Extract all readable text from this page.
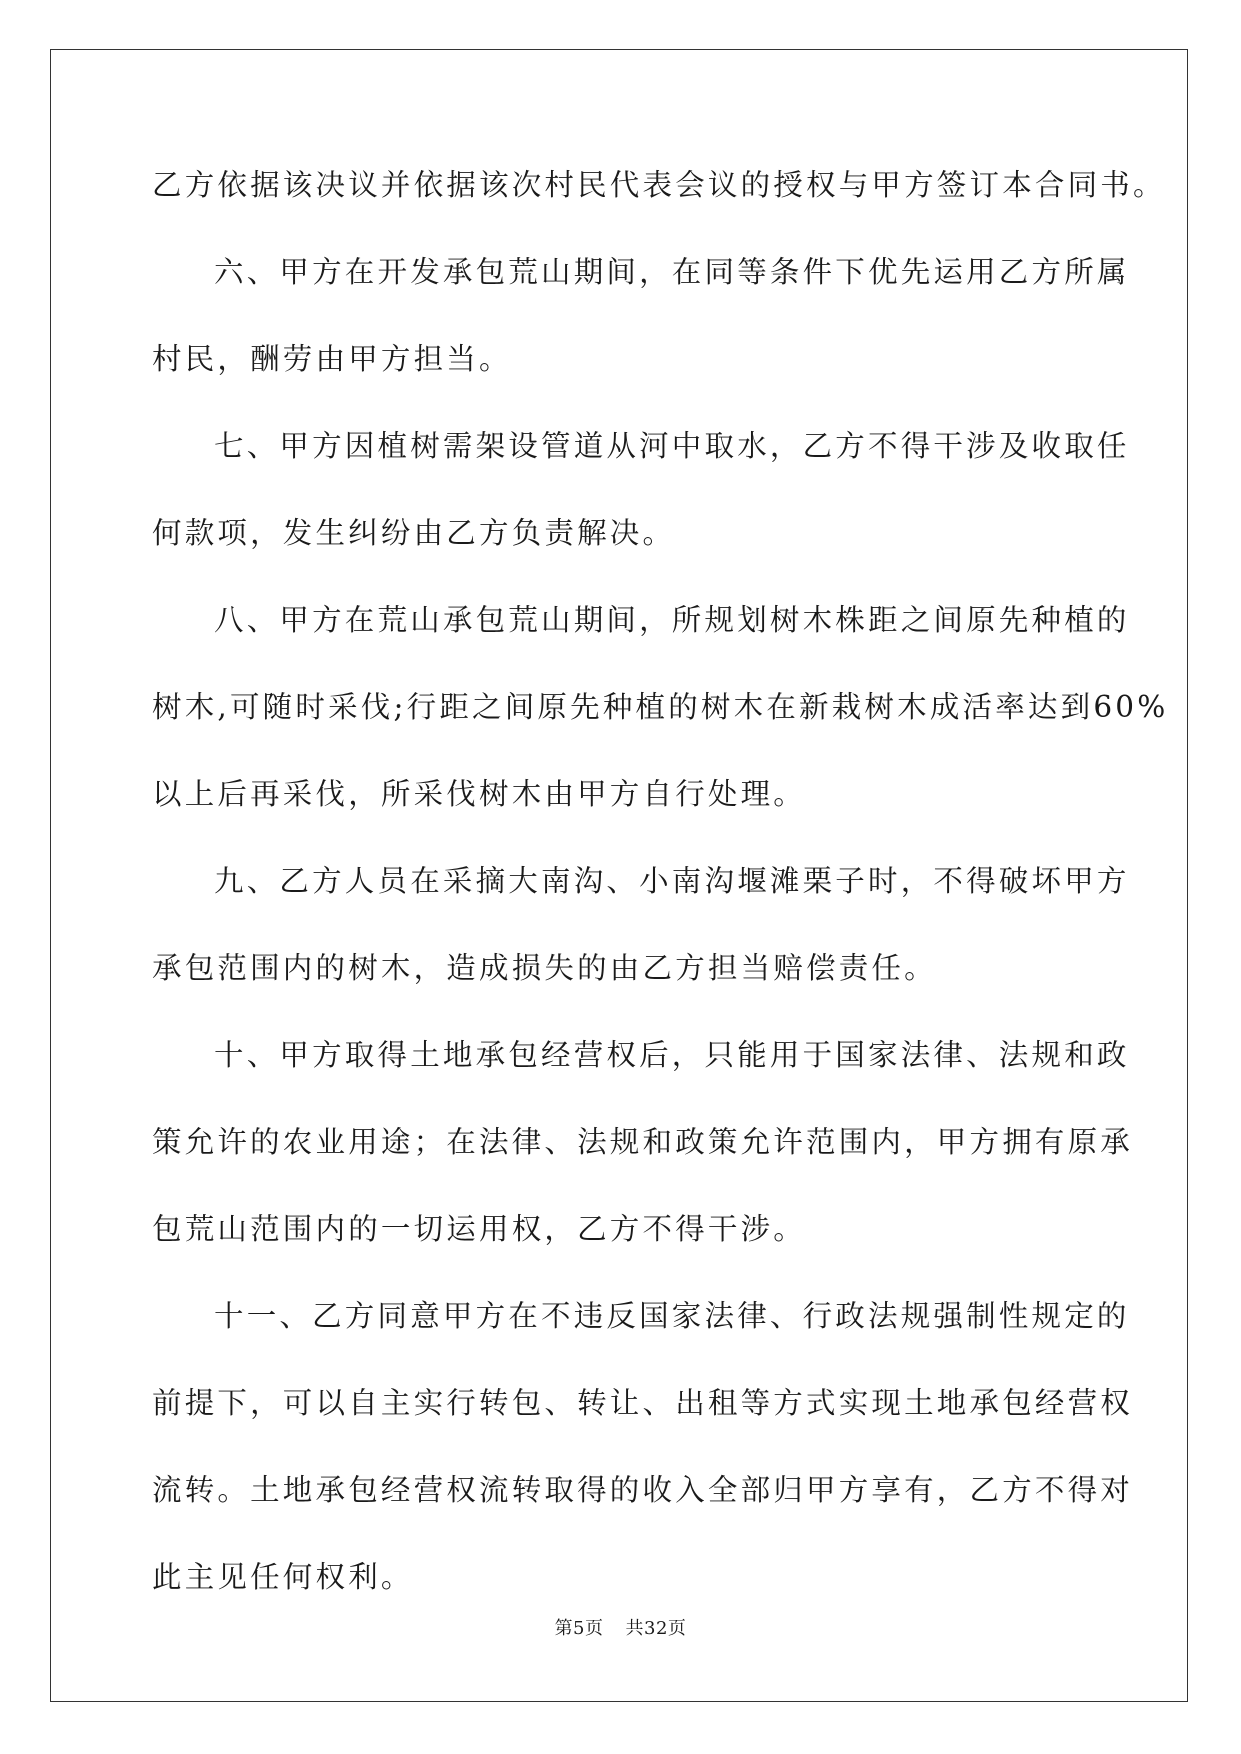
乙方依据该决议并依据该次村民代表会议的授权与甲方签订本合同书。
六、甲方在开发承包荒山期间，在同等条件下优先运用乙方所属
村民，酬劳由甲方担当。
七、甲方因植树需架设管道从河中取水，乙方不得干涉及收取任
何款项，发生纠纷由乙方负责解决。
八、甲方在荒山承包荒山期间，所规划树木株距之间原先种植的
树木,可随时采伐;行距之间原先种植的树木在新栽树木成活率达到60%
以上后再采伐，所采伐树木由甲方自行处理。
九、乙方人员在采摘大南沟、小南沟堰滩栗子时，不得破坏甲方
承包范围内的树木，造成损失的由乙方担当赔偿责任。
十、甲方取得土地承包经营权后，只能用于国家法律、法规和政
策允许的农业用途；在法律、法规和政策允许范围内，甲方拥有原承
包荒山范围内的一切运用权，乙方不得干涉。
十一、乙方同意甲方在不违反国家法律、行政法规强制性规定的
前提下，可以自主实行转包、转让、出租等方式实现土地承包经营权
流转。土地承包经营权流转取得的收入全部归甲方享有，乙方不得对
此主见任何权利。
第5页 共32页
